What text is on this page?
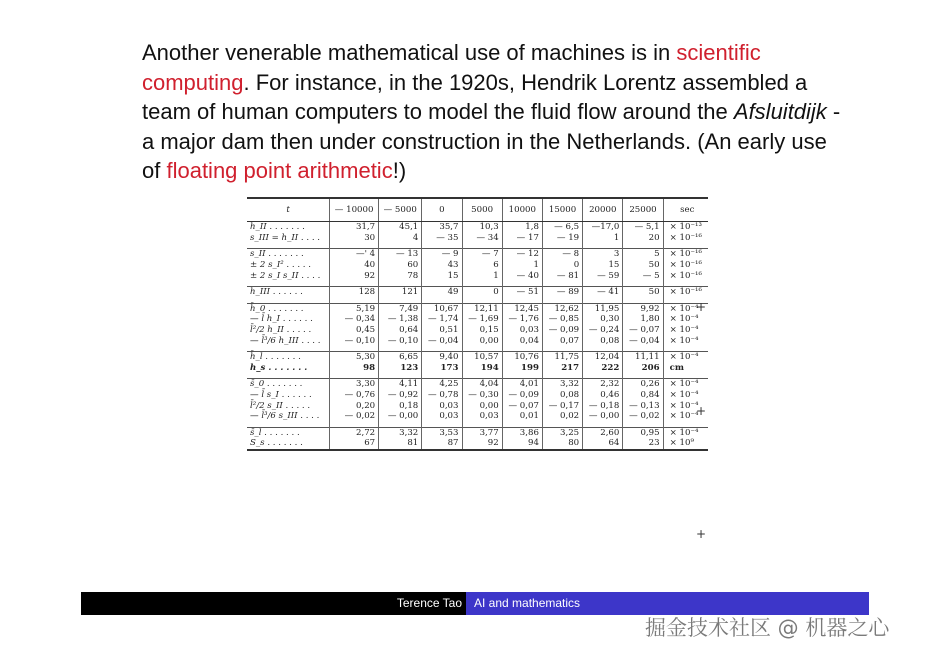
Another venerable mathematical use of machines is in scientific computing. For instance, in the 1920s, Hendrik Lorentz assembled a team of human computers to model the fluid flow around the Afsluitdijk - a major dam then under construction in the Netherlands. (An early use of floating point arithmetic!)
t	— 10000	— 5000	0	5000	10000	15000	20000	25000	sec
h_II . . . . . . .	31,7	45,1	35,7	10,3	1,8	— 6,5	—17,0	— 5,1	× 10⁻¹³
s_III = h_II . . . .	30	4	— 35	— 34	— 17	— 19	1	20	× 10⁻¹⁶

s_II . . . . . . .	—' 4	— 13	— 9	— 7	— 12	— 8	3	5	× 10⁻¹⁶
± 2 s_I² . . . . .	40	60	43	6	1	0	15	50	× 10⁻¹⁶
± 2 s_I s_II . . . .	92	78	15	1	— 40	— 81	— 59	— 5	× 10⁻¹⁶

h_III . . . . . .	128	121	49	0	— 51	— 89	— 41	50	× 10⁻¹⁶

h̄_0 . . . . . . .	5,19	7,49	10,67	12,11	12,45	12,62	11,95	9,92	× 10⁻⁴
— l̄ h_I . . . . . .	— 0,34	— 1,38	— 1,74	— 1,69	— 1,76	— 0,85	0,30	1,80	× 10⁻⁴
l̄²/2 h_II . . . . .	0,45	0,64	0,51	0,15	0,03	— 0,09	— 0,24	— 0,07	× 10⁻⁴
— l̄³/6 h_III . . . .	— 0,10	— 0,10	— 0,04	0,00	0,04	0,07	0,08	— 0,04	× 10⁻⁴

h̄_l . . . . . . .	5,30	6,65	9,40	10,57	10,76	11,75	12,04	11,11	× 10⁻⁴
h_s . . . . . . .	98	123	173	194	199	217	222	206	cm

s̄_0 . . . . . . .	3,30	4,11	4,25	4,04	4,01	3,32	2,32	0,26	× 10⁻⁴
— l̄ s_I . . . . . .	— 0,76	— 0,92	— 0,78	— 0,30	— 0,09	0,08	0,46	0,84	× 10⁻⁴
l̄²/2 s_II . . . . .	0,20	0,18	0,03	0,00	— 0,07	— 0,17	— 0,18	— 0,13	× 10⁻⁴
— l̄³/6 s_III . . . .	— 0,02	— 0,00	0,03	0,03	0,01	0,02	— 0,00	— 0,02	× 10⁻⁴

s̄_l . . . . . . .	2,72	3,32	3,53	3,77	3,86	3,25	2,60	0,95	× 10⁻⁴
S_s . . . . . . .	67	81	87	92	94	80	64	23	× 10⁹
+
+
+
Terence Tao	AI and mathematics
掘金技术社区 @ 机器之心
